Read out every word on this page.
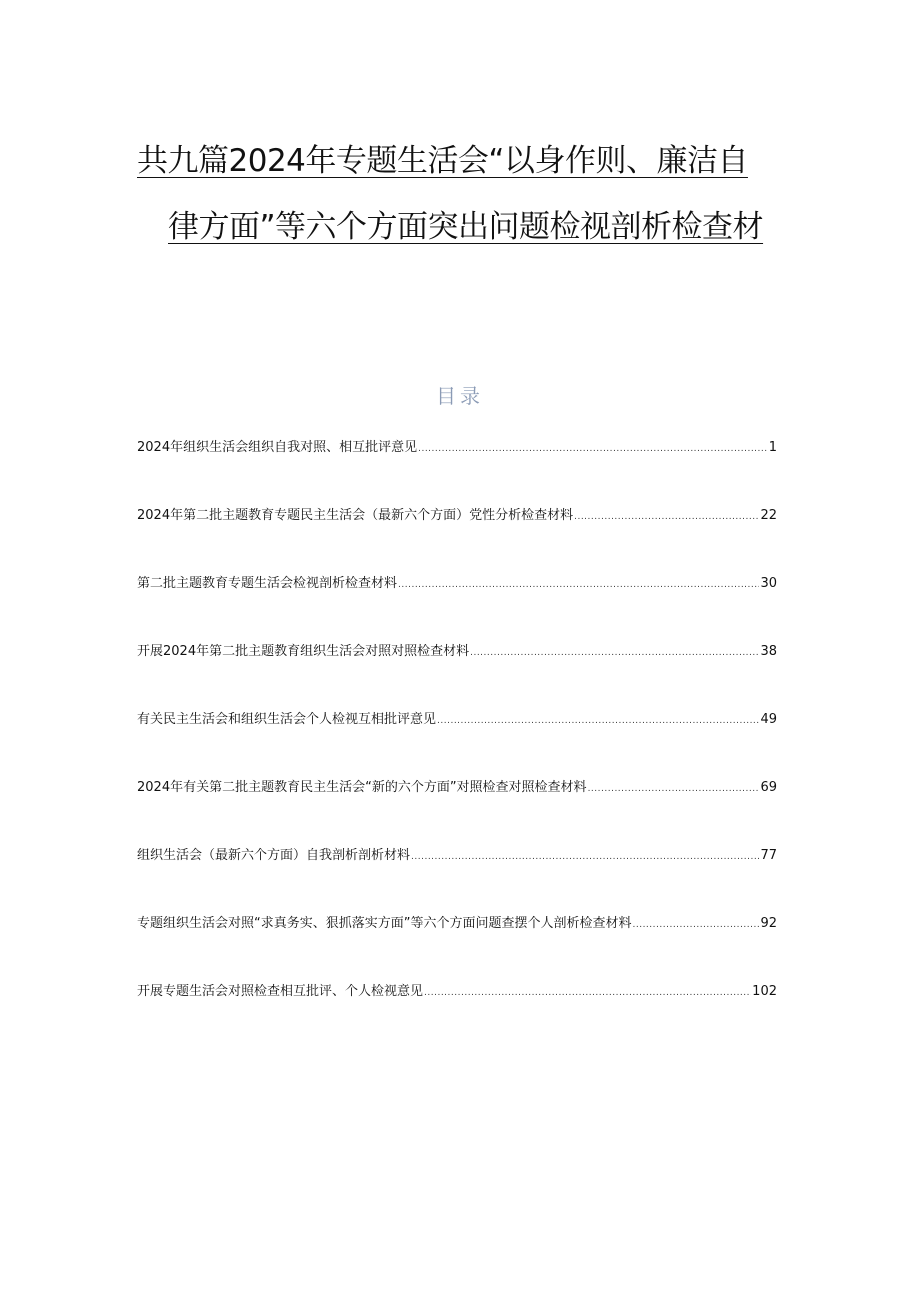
共九篇2024年专题生活会“以身作则、廉洁自
律方面”等六个方面突出问题检视剖析检查材
目录
2024年组织生活会组织自我对照、相互批评意见 .....	1
2024年第二批主题教育专题民主生活会（最新六个方面）党性分析检查材料 .....	22
第二批主题教育专题生活会检视剖析检查材料 .....	30
开展2024年第二批主题教育组织生活会对照对照检查材料 .....	38
有关民主生活会和组织生活会个人检视互相批评意见 .....	49
2024年有关第二批主题教育民主生活会“新的六个方面”对照检查对照检查材料 .....	69
组织生活会（最新六个方面）自我剖析剖析材料 .....	77
专题组织生活会对照“求真务实、狠抓落实方面”等六个方面问题查摆个人剖析检查材料 .....	92
开展专题生活会对照检查相互批评、个人检视意见 .....	102
